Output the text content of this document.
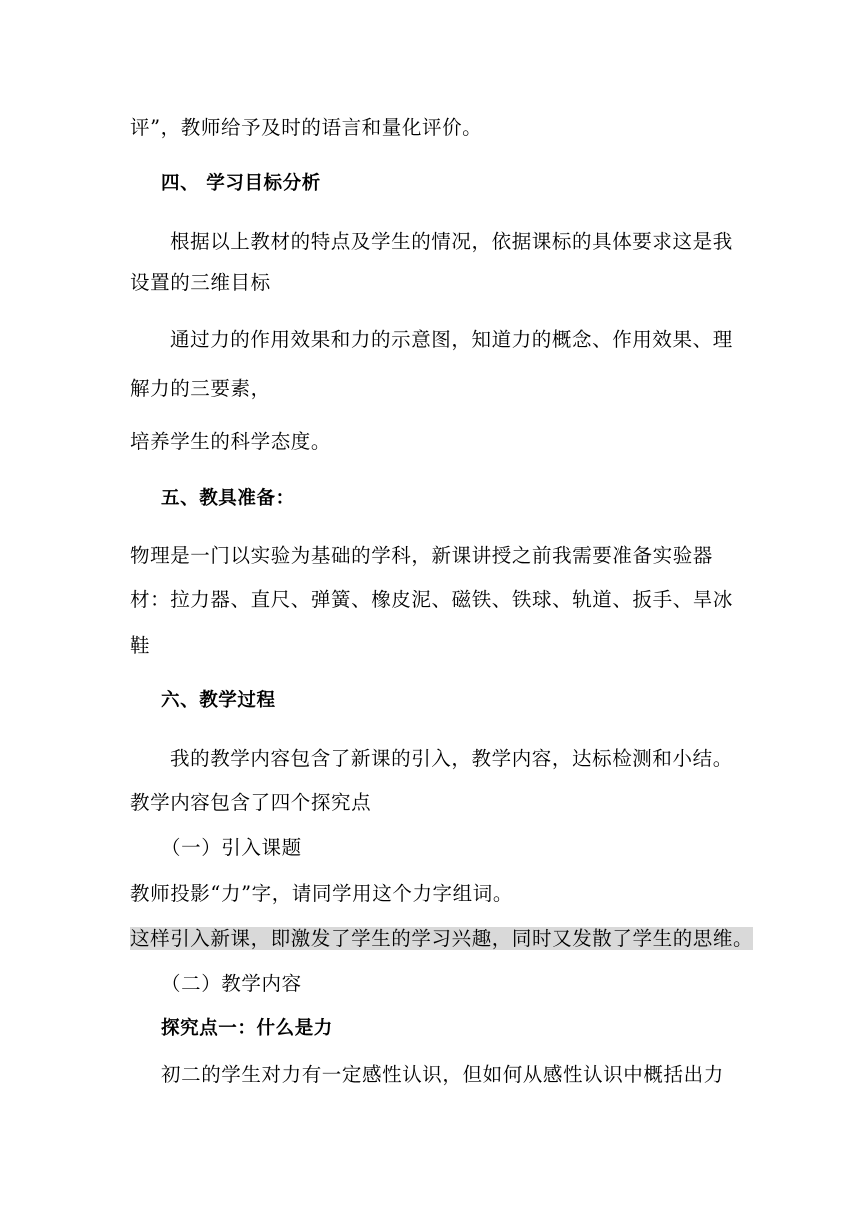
评”，教师给予及时的语言和量化评价。
四、 学习目标分析
根据以上教材的特点及学生的情况，依据课标的具体要求这是我
设置的三维目标
通过力的作用效果和力的示意图，知道力的概念、作用效果、理
解力的三要素，
培养学生的科学态度。
五、教具准备：
物理是一门以实验为基础的学科，新课讲授之前我需要准备实验器
材：拉力器、直尺、弹簧、橡皮泥、磁铁、铁球、轨道、扳手、旱冰
鞋
六、教学过程
我的教学内容包含了新课的引入，教学内容，达标检测和小结。
教学内容包含了四个探究点
（一）引入课题
教师投影“力”字，请同学用这个力字组词。
这样引入新课，即激发了学生的学习兴趣，同时又发散了学生的思维。
（二）教学内容
探究点一：什么是力
初二的学生对力有一定感性认识，但如何从感性认识中概括出力
